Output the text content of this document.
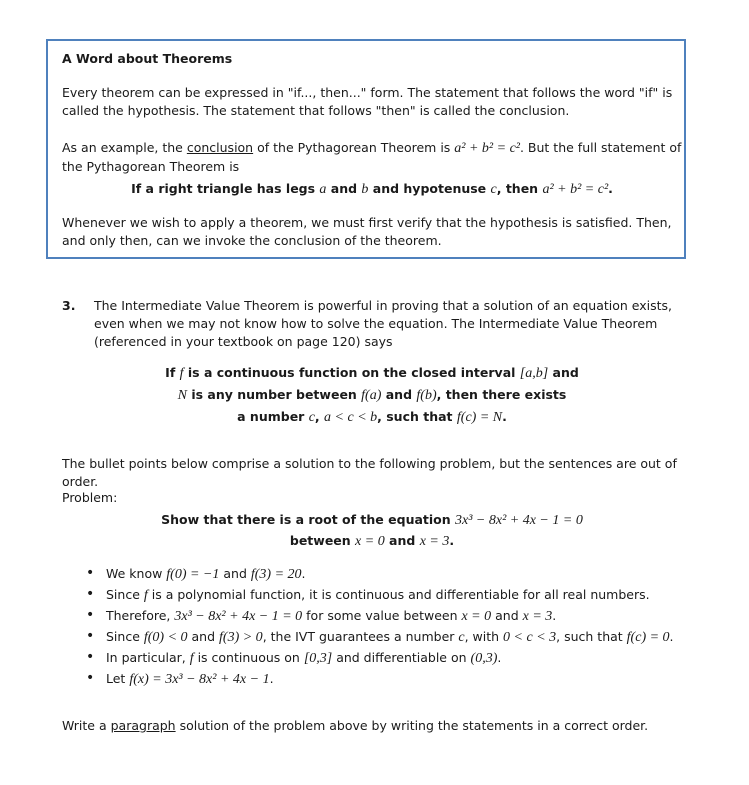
A Word about Theorems
Every theorem can be expressed in "if..., then..." form. The statement that follows the word "if" is called the hypothesis. The statement that follows "then" is called the conclusion.
As an example, the conclusion of the Pythagorean Theorem is a² + b² = c². But the full statement of the Pythagorean Theorem is
If a right triangle has legs a and b and hypotenuse c, then a² + b² = c².
Whenever we wish to apply a theorem, we must first verify that the hypothesis is satisfied. Then, and only then, can we invoke the conclusion of the theorem.
3. The Intermediate Value Theorem is powerful in proving that a solution of an equation exists, even when we may not know how to solve the equation. The Intermediate Value Theorem (referenced in your textbook on page 120) says
If f is a continuous function on the closed interval [a,b] and
N is any number between f(a) and f(b), then there exists
a number c, a < c < b, such that f(c) = N.
The bullet points below comprise a solution to the following problem, but the sentences are out of order.
Problem:
Show that there is a root of the equation 3x³ − 8x² + 4x − 1 = 0
between x = 0 and x = 3.
• We know f(0) = −1 and f(3) = 20.
• Since f is a polynomial function, it is continuous and differentiable for all real numbers.
• Therefore, 3x³ − 8x² + 4x − 1 = 0 for some value between x = 0 and x = 3.
• Since f(0) < 0 and f(3) > 0, the IVT guarantees a number c, with 0 < c < 3, such that f(c) = 0.
• In particular, f is continuous on [0,3] and differentiable on (0,3).
• Let f(x) = 3x³ − 8x² + 4x − 1.
Write a paragraph solution of the problem above by writing the statements in a correct order.
